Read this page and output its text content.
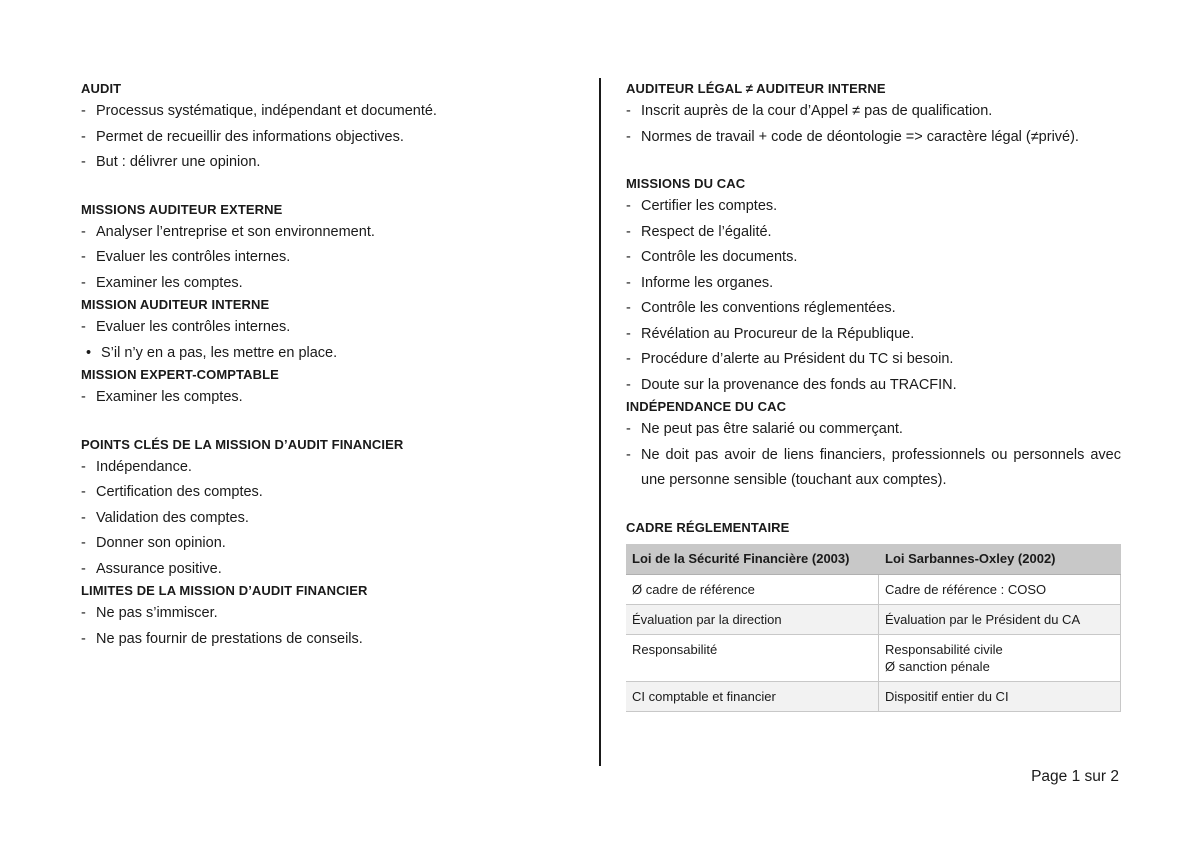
AUDIT

- Processus systématique, indépendant et documenté.
- Permet de recueillir des informations objectives.
- But : délivrer une opinion.

MISSIONS AUDITEUR EXTERNE

- Analyser l’entreprise et son environnement.
- Evaluer les contrôles internes.
- Examiner les comptes.

MISSION AUDITEUR INTERNE

- Evaluer les contrôles internes.
• S’il n’y en a pas, les mettre en place.

MISSION EXPERT-COMPTABLE

- Examiner les comptes.

POINTS CLÉS DE LA MISSION D’AUDIT FINANCIER

- Indépendance.
- Certification des comptes.
- Validation des comptes.
- Donner son opinion.
- Assurance positive.

LIMITES DE LA MISSION D’AUDIT FINANCIER

- Ne pas s’immiscer.
- Ne pas fournir de prestations de conseils.

AUDITEUR LÉGAL ≠ AUDITEUR INTERNE

- Inscrit auprès de la cour d’Appel ≠ pas de qualification.
- Normes de travail + code de déontologie => caractère légal (≠privé).

MISSIONS DU CAC

- Certifier les comptes.
- Respect de l’égalité.
- Contrôle les documents.
- Informe les organes.
- Contrôle les conventions réglementées.
- Révélation au Procureur de la République.
- Procédure d’alerte au Président du TC si besoin.
- Doute sur la provenance des fonds au TRACFIN.

INDÉPENDANCE DU CAC

- Ne peut pas être salarié ou commerçant.
- Ne doit pas avoir de liens financiers, professionnels ou personnels avec une personne sensible (touchant aux comptes).

CADRE RÉGLEMENTAIRE

Loi de la Sécurité Financière (2003)	Loi Sarbannes-Oxley (2002)
Ø cadre de référence	Cadre de référence : COSO
Évaluation par la direction	Évaluation par le Président du CA
Responsabilité	Responsabilité civile
Ø sanction pénale
CI comptable et financier	Dispositif entier du CI
Page 1 sur 2
